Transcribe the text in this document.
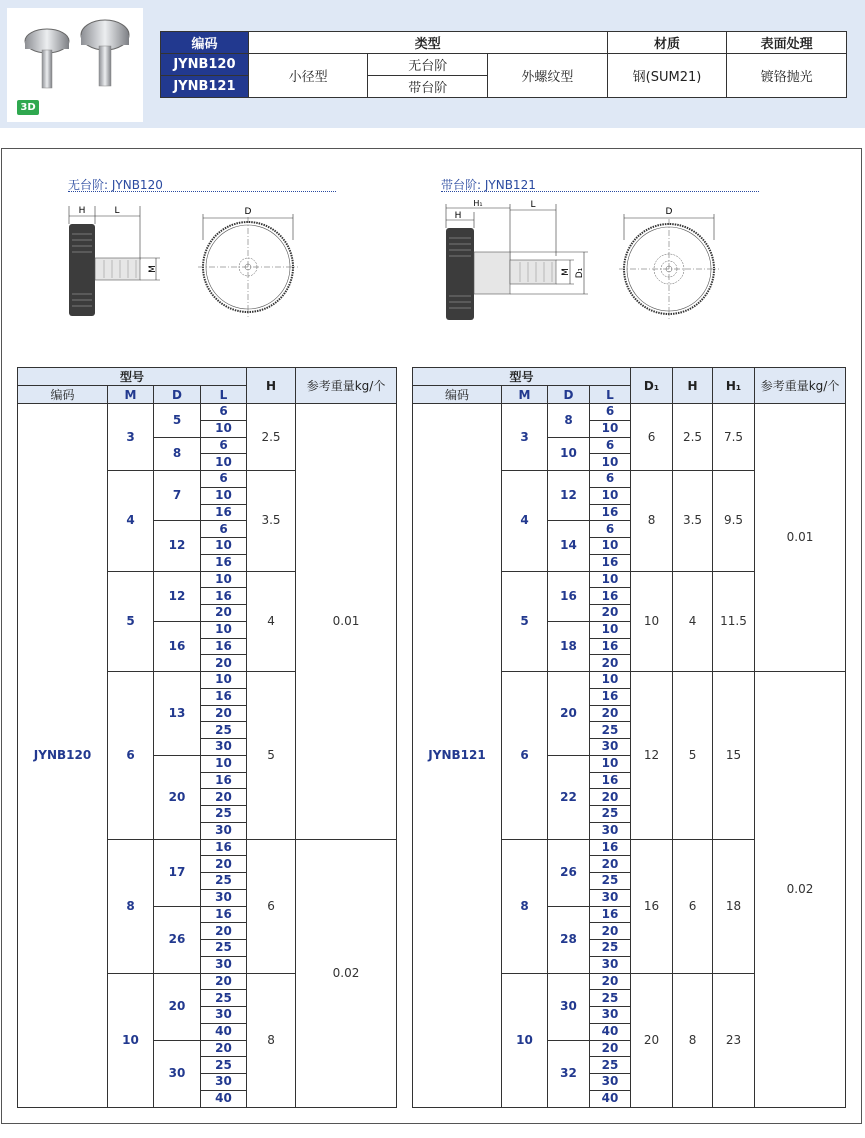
3D
编码	类型			材质	表面处理
JYNB120	小径型	无台阶	外螺纹型	钢(SUM21)	镀铬抛光
JYNB121		带台阶			
无台阶: JYNB120	带台阶: JYNB121
H	L
M
D
H₁
H
L
M D₁
D
型号				H	参考重量kg/个
编码	M	D	L		
JYNB120	3	5	6	2.5	0.01
			10		
		8	6		
			10		
	4	7	6	3.5	
			10		
			16		
		12	6		
			10		
			16		
	5	12	10	4	
			16		
			20		
		16	10		
			16		
			20		
	6	13	10	5	
			16		
			20		
			25		
			30		
		20	10		
			16		
			20		
			25		
			30		
	8	17	16	6	0.02
			20		
			25		
			30		
		26	16		
			20		
			25		
			30		
	10	20	20	8	
			25		
			30		
			40		
		30	20		
			25		
			30		
			40		
型号				D₁	H	H₁	参考重量kg/个
编码	M	D	L				
JYNB121	3	8	6	6	2.5	7.5	0.01
			10				
		10	6				
			10				
	4	12	6	8	3.5	9.5	
			10				
			16				
		14	6				
			10				
			16				
	5	16	10	10	4	11.5	
			16				
			20				
		18	10				
			16				
			20				
	6	20	10	12	5	15	0.02
			16				
			20				
			25				
			30				
		22	10				
			16				
			20				
			25				
			30				
	8	26	16	16	6	18	
			20				
			25				
			30				
		28	16				
			20				
			25				
			30				
	10	30	20	20	8	23	
			25				
			30				
			40				
		32	20				
			25				
			30				
			40				
